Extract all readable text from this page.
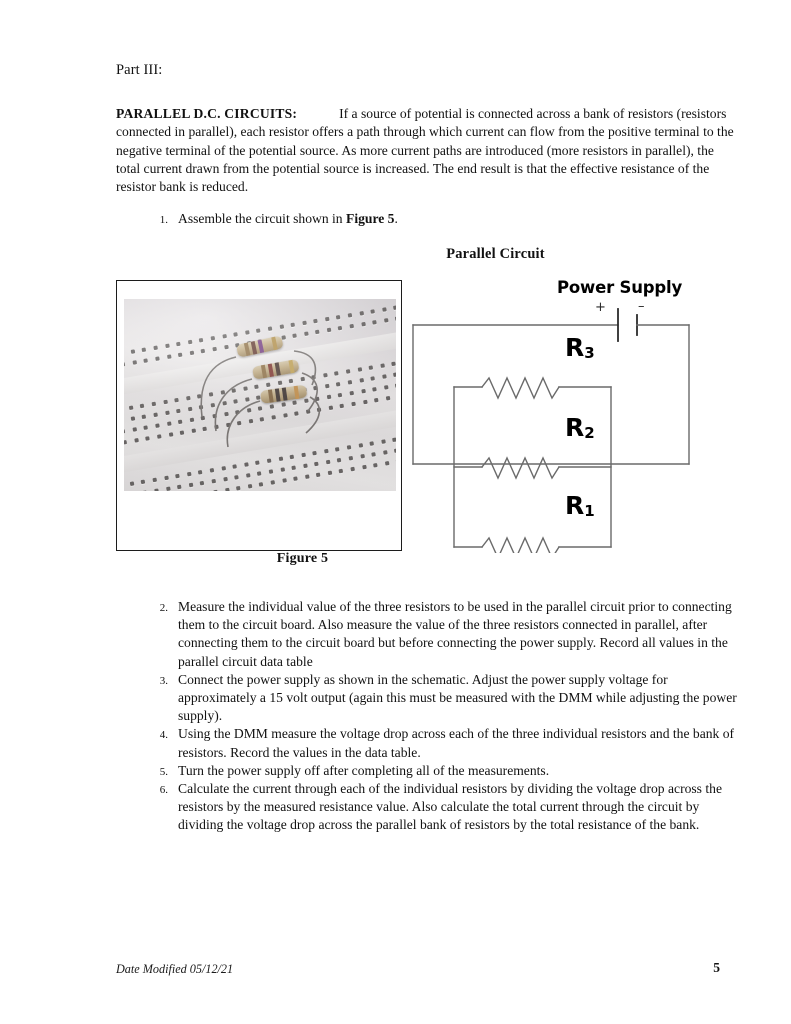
Part III:
PARALLEL D.C. CIRCUITS:	If a source of potential is connected across a bank of resistors (resistors connected in parallel), each resistor offers a path through which current can flow from the positive terminal to the negative terminal of the potential source. As more current paths are introduced (more resistors in parallel), the total current drawn from the potential source is increased. The end result is that the effective resistance of the resistor bank is reduced.
1. Assemble the circuit shown in Figure 5.
Parallel Circuit
Power Supply
+ –
$R_3$
$R_2$
$R_1$
Figure 5
2. Measure the individual value of the three resistors to be used in the parallel circuit prior to connecting them to the circuit board. Also measure the value of the three resistors connected in parallel, after connecting them to the circuit board but before connecting the power supply. Record all values in the parallel circuit data table
3. Connect the power supply as shown in the schematic. Adjust the power supply voltage for approximately a 15 volt output (again this must be measured with the DMM while adjusting the power supply).
4. Using the DMM measure the voltage drop across each of the three individual resistors and the bank of resistors. Record the values in the data table.
5. Turn the power supply off after completing all of the measurements.
6. Calculate the current through each of the individual resistors by dividing the voltage drop across the resistors by the measured resistance value. Also calculate the total current through the circuit by dividing the voltage drop across the parallel bank of resistors by the total resistance of the bank.
Date Modified 05/12/21	5
